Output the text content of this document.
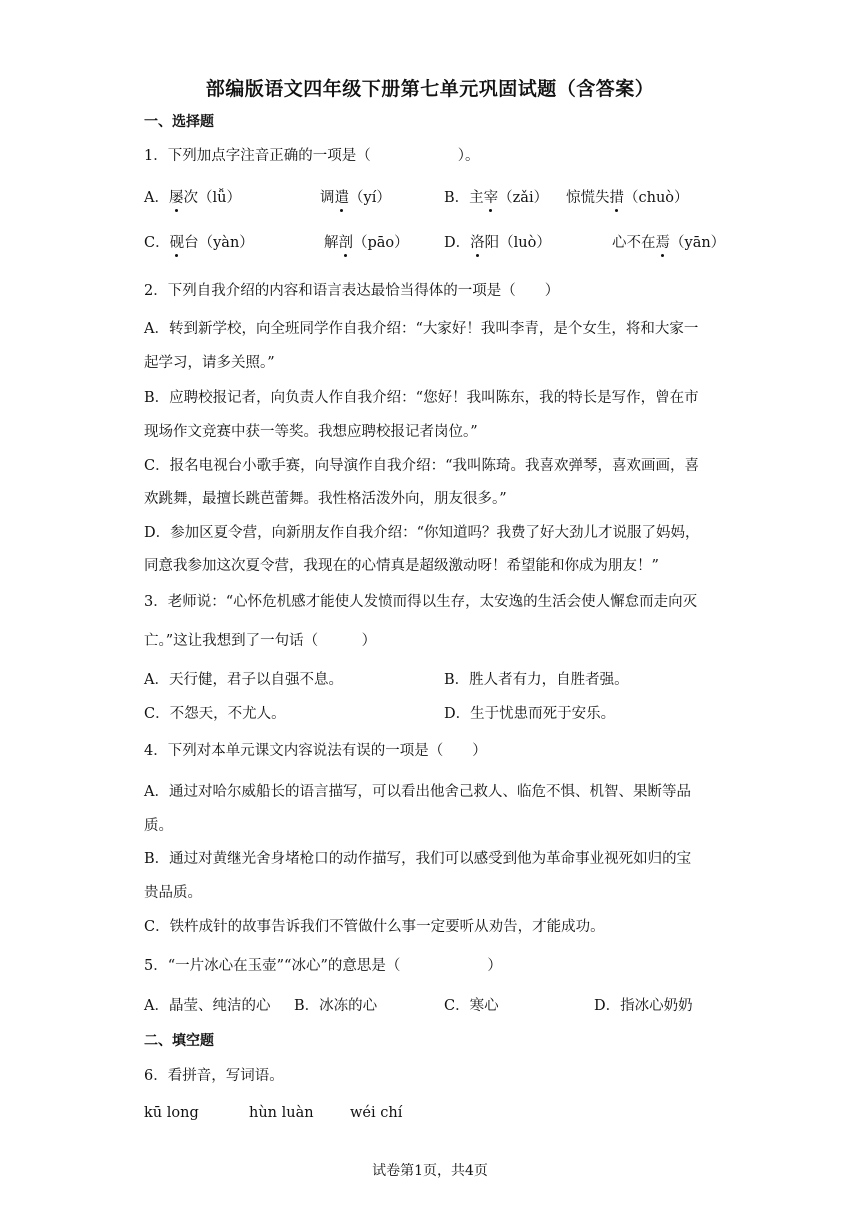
部编版语文四年级下册第七单元巩固试题（含答案）
一、选择题
1．下列加点字注音正确的一项是（　　　　　　）。
A．屡次（lǚ）	调遣（yí）	B．主宰（zǎi） 惊慌失措（chuò）
C．砚台（yàn）	解剖（pāo） D．洛阳（luò）	心不在焉（yān）
2．下列自我介绍的内容和语言表达最恰当得体的一项是（　　）
A．转到新学校，向全班同学作自我介绍：“大家好！我叫李青，是个女生，将和大家一
起学习，请多关照。”
B．应聘校报记者，向负责人作自我介绍：“您好！我叫陈东，我的特长是写作，曾在市
现场作文竞赛中获一等奖。我想应聘校报记者岗位。”
C．报名电视台小歌手赛，向导演作自我介绍：“我叫陈琦。我喜欢弹琴，喜欢画画，喜
欢跳舞，最擅长跳芭蕾舞。我性格活泼外向，朋友很多。”
D．参加区夏令营，向新朋友作自我介绍：“你知道吗？我费了好大劲儿才说服了妈妈，
同意我参加这次夏令营，我现在的心情真是超级激动呀！希望能和你成为朋友！”
3．老师说：“心怀危机感才能使人发愤而得以生存，太安逸的生活会使人懈怠而走向灭
亡。”这让我想到了一句话（　　　）
A．天行健，君子以自强不息。	B．胜人者有力，自胜者强。
C．不怨天，不尤人。	D．生于忧患而死于安乐。
4．下列对本单元课文内容说法有误的一项是（　　）
A．通过对哈尔威船长的语言描写，可以看出他舍己救人、临危不惧、机智、果断等品
质。
B．通过对黄继光舍身堵枪口的动作描写，我们可以感受到他为革命事业视死如归的宝
贵品质。
C．铁杵成针的故事告诉我们不管做什么事一定要听从劝告，才能成功。
5．“一片冰心在玉壶”“冰心”的意思是（　　　　　　）
A．晶莹、纯洁的心 B．冰冻的心	C．寒心	D．指冰心奶奶
二、填空题
6．看拼音，写词语。
kū long	hùn luàn	wéi chí
试卷第1页，共4页
